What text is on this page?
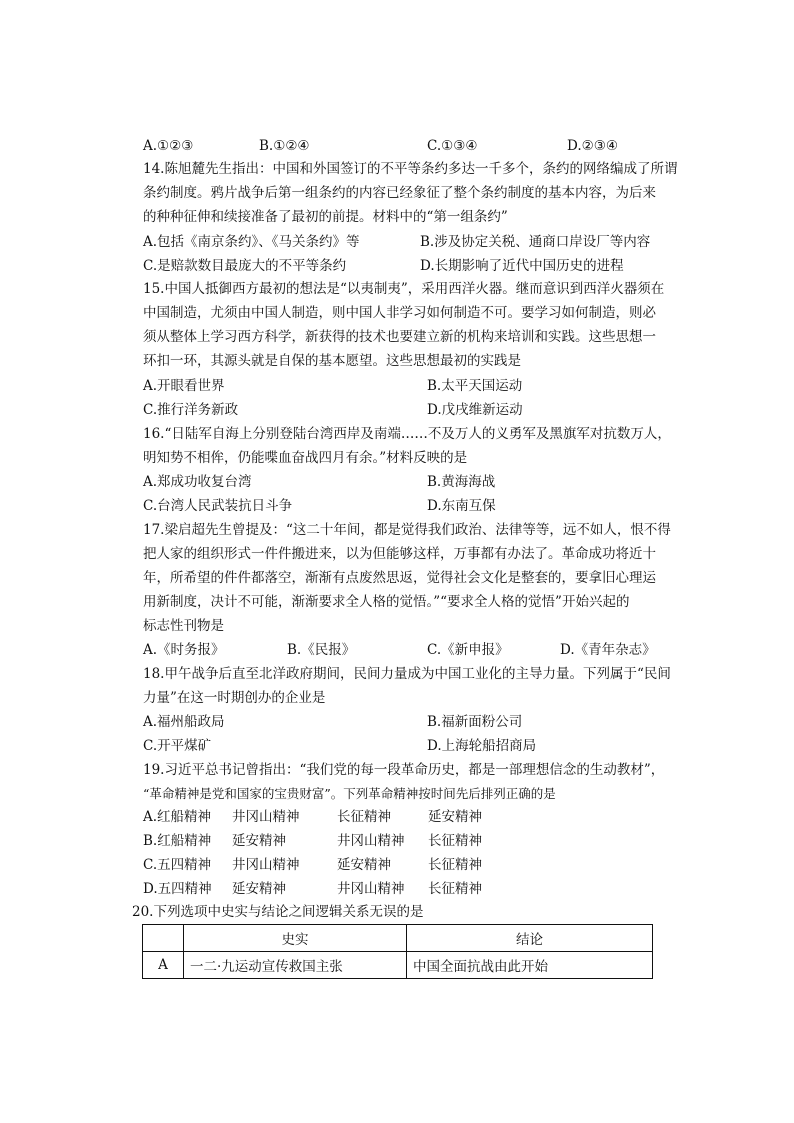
A.①②③	B.①②④	C.①③④	D.②③④
14.陈旭麓先生指出：中国和外国签订的不平等条约多达一千多个，条约的网络编成了所谓
条约制度。鸦片战争后第一组条约的内容已经象征了整个条约制度的基本内容，为后来
的种种征伸和续接准备了最初的前提。材料中的“第一组条约”
A.包括《南京条约》、《马关条约》等	B.涉及协定关税、通商口岸设厂等内容
C.是赔款数目最庞大的不平等条约	D.长期影响了近代中国历史的进程
15.中国人抵御西方最初的想法是“以夷制夷”，采用西洋火器。继而意识到西洋火器须在
中国制造，尤须由中国人制造，则中国人非学习如何制造不可。要学习如何制造，则必
须从整体上学习西方科学，新获得的技术也要建立新的机构来培训和实践。这些思想一
环扣一环，其源头就是自保的基本愿望。这些思想最初的实践是
A.开眼看世界	B.太平天国运动
C.推行洋务新政	D.戊戌维新运动
16.“日陆军自海上分别登陆台湾西岸及南端……不及万人的义勇军及黑旗军对抗数万人，
明知势不相侔，仍能喋血奋战四月有余。”材料反映的是
A.郑成功收复台湾	B.黄海海战
C.台湾人民武装抗日斗争	D.东南互保
17.梁启超先生曾提及：“这二十年间，都是觉得我们政治、法律等等，远不如人，恨不得
把人家的组织形式一件件搬进来，以为但能够这样，万事都有办法了。革命成功将近十
年，所希望的件件都落空，渐渐有点废然思返，觉得社会文化是整套的，要拿旧心理运
用新制度，决计不可能，渐渐要求全人格的觉悟。”“要求全人格的觉悟”开始兴起的
标志性刊物是
A.《时务报》	B.《民报》	C.《新申报》	D.《青年杂志》
18.甲午战争后直至北洋政府期间，民间力量成为中国工业化的主导力量。下列属于“民间
力量”在这一时期创办的企业是
A.福州船政局	B.福新面粉公司
C.开平煤矿	D.上海轮船招商局
19.习近平总书记曾指出：“我们党的每一段革命历史，都是一部理想信念的生动教材”，
“革命精神是党和国家的宝贵财富”。下列革命精神按时间先后排列正确的是
A.红船精神 井冈山精神	长征精神	延安精神
B.红船精神 延安精神	井冈山精神 长征精神
C.五四精神 井冈山精神	延安精神	长征精神
D.五四精神 延安精神	井冈山精神 长征精神
20.下列选项中史实与结论之间逻辑关系无误的是
	史实	结论
A	一二·九运动宣传救国主张	中国全面抗战由此开始
